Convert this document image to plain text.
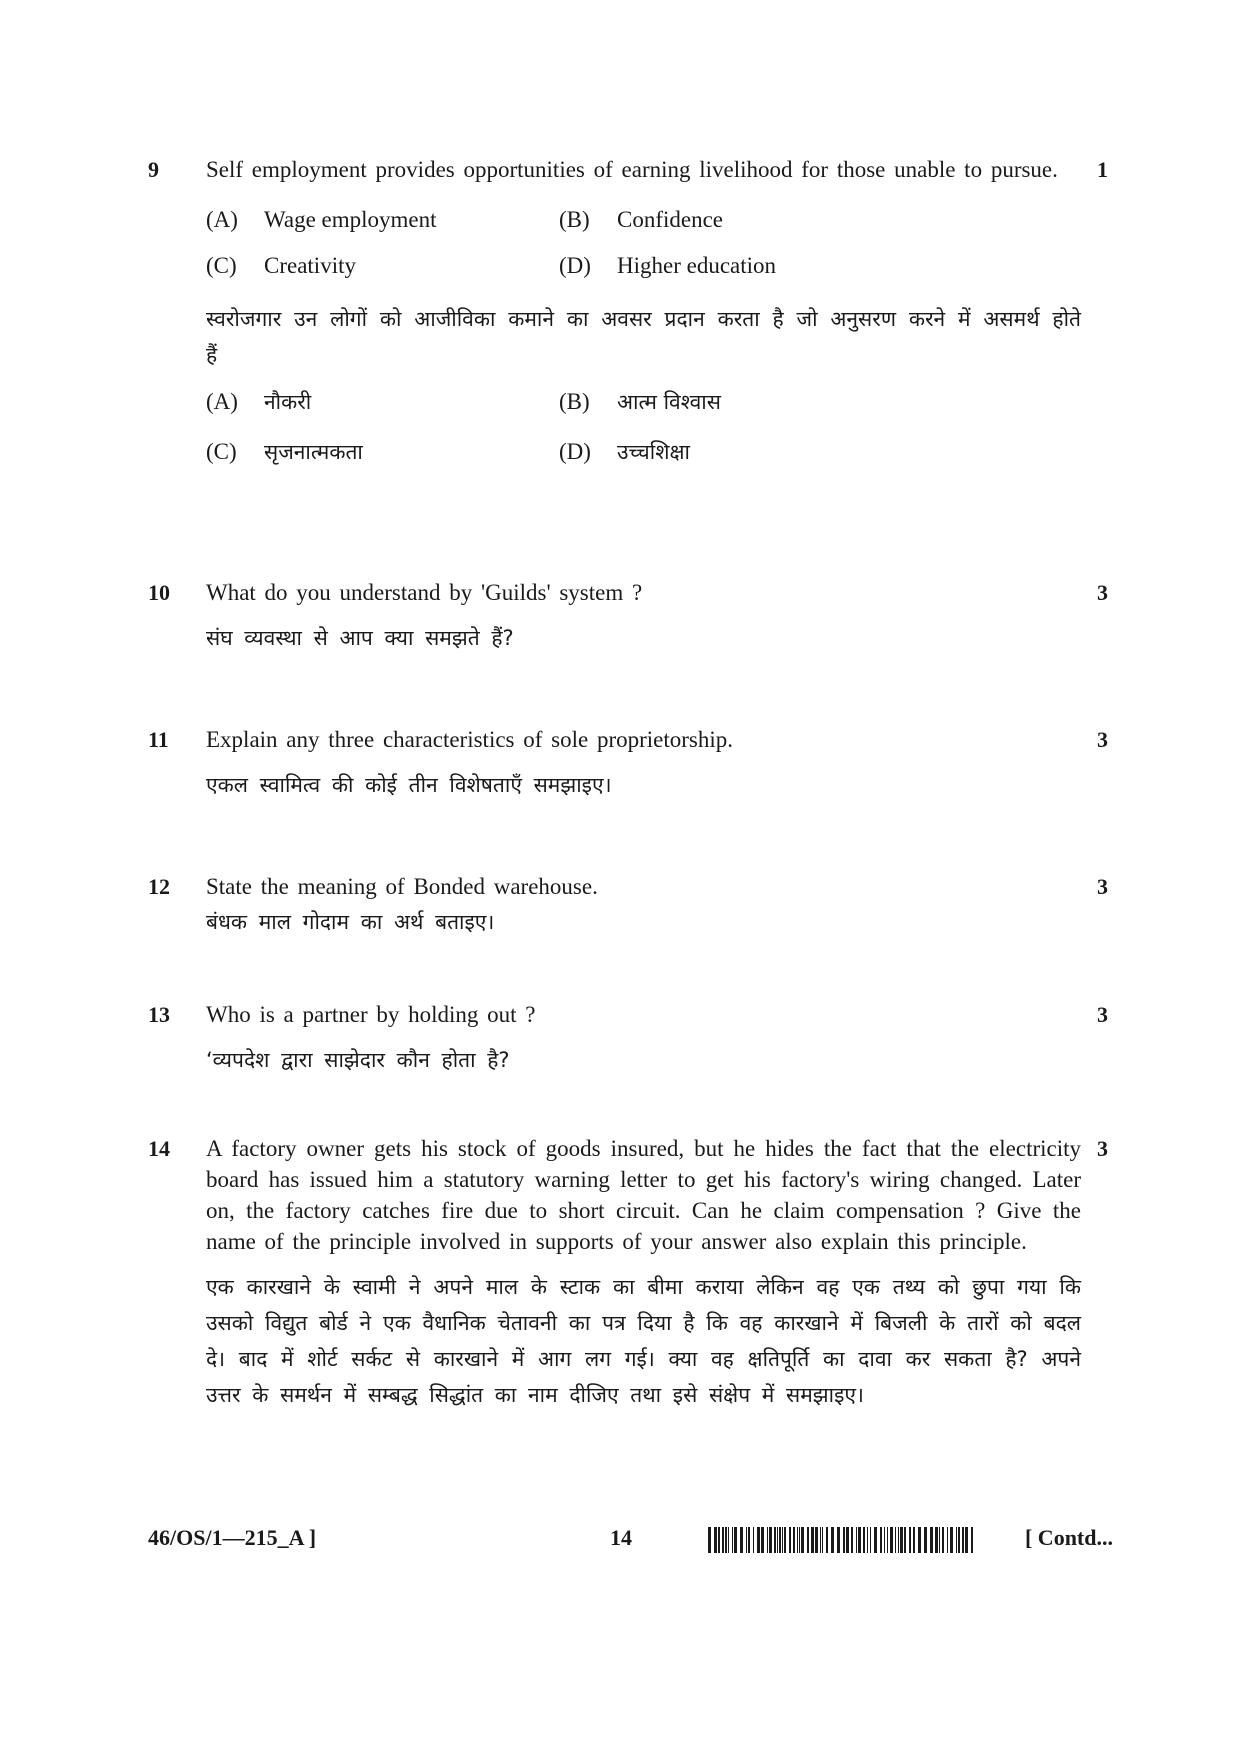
9	1

Self employment provides opportunities of earning livelihood for those unable to pursue.

(A) Wage employment	(B) Confidence
(C) Creativity	(D) Higher education

स्वरोजगार उन लोगों को आजीविका कमाने का अवसर प्रदान करता है जो अनुसरण करने में असमर्थ होते हैं

(A) नौकरी	(B) आत्म विश्वास
(C) सृजनात्मकता	(D) उच्चशिक्षा
10	3

What do you understand by 'Guilds' system ?

संघ व्यवस्था से आप क्या समझते हैं?

11	3

Explain any three characteristics of sole proprietorship.

एकल स्वामित्व की कोई तीन विशेषताएँ समझाइए।

12	3

State the meaning of Bonded warehouse.

बंधक माल गोदाम का अर्थ बताइए।

13	3

Who is a partner by holding out ?

‘व्यपदेश द्वारा साझेदार कौन होता है?

14	3

A factory owner gets his stock of goods insured, but he hides the fact that the electricity board has issued him a statutory warning letter to get his factory's wiring changed. Later on, the factory catches fire due to short circuit. Can he claim compensation ? Give the name of the principle involved in supports of your answer also explain this principle.

एक कारखाने के स्वामी ने अपने माल के स्टाक का बीमा कराया लेकिन वह एक तथ्य को छुपा गया कि उसको विद्युत बोर्ड ने एक वैधानिक चेतावनी का पत्र दिया है कि वह कारखाने में बिजली के तारों को बदल दे। बाद में शोर्ट सर्कट से कारखाने में आग लग गई। क्या वह क्षतिपूर्ति का दावा कर सकता है? अपने उत्तर के समर्थन में सम्बद्ध सिद्धांत का नाम दीजिए तथा इसे संक्षेप में समझाइए।

46/OS/1—215_A ]	14	[ Contd...
